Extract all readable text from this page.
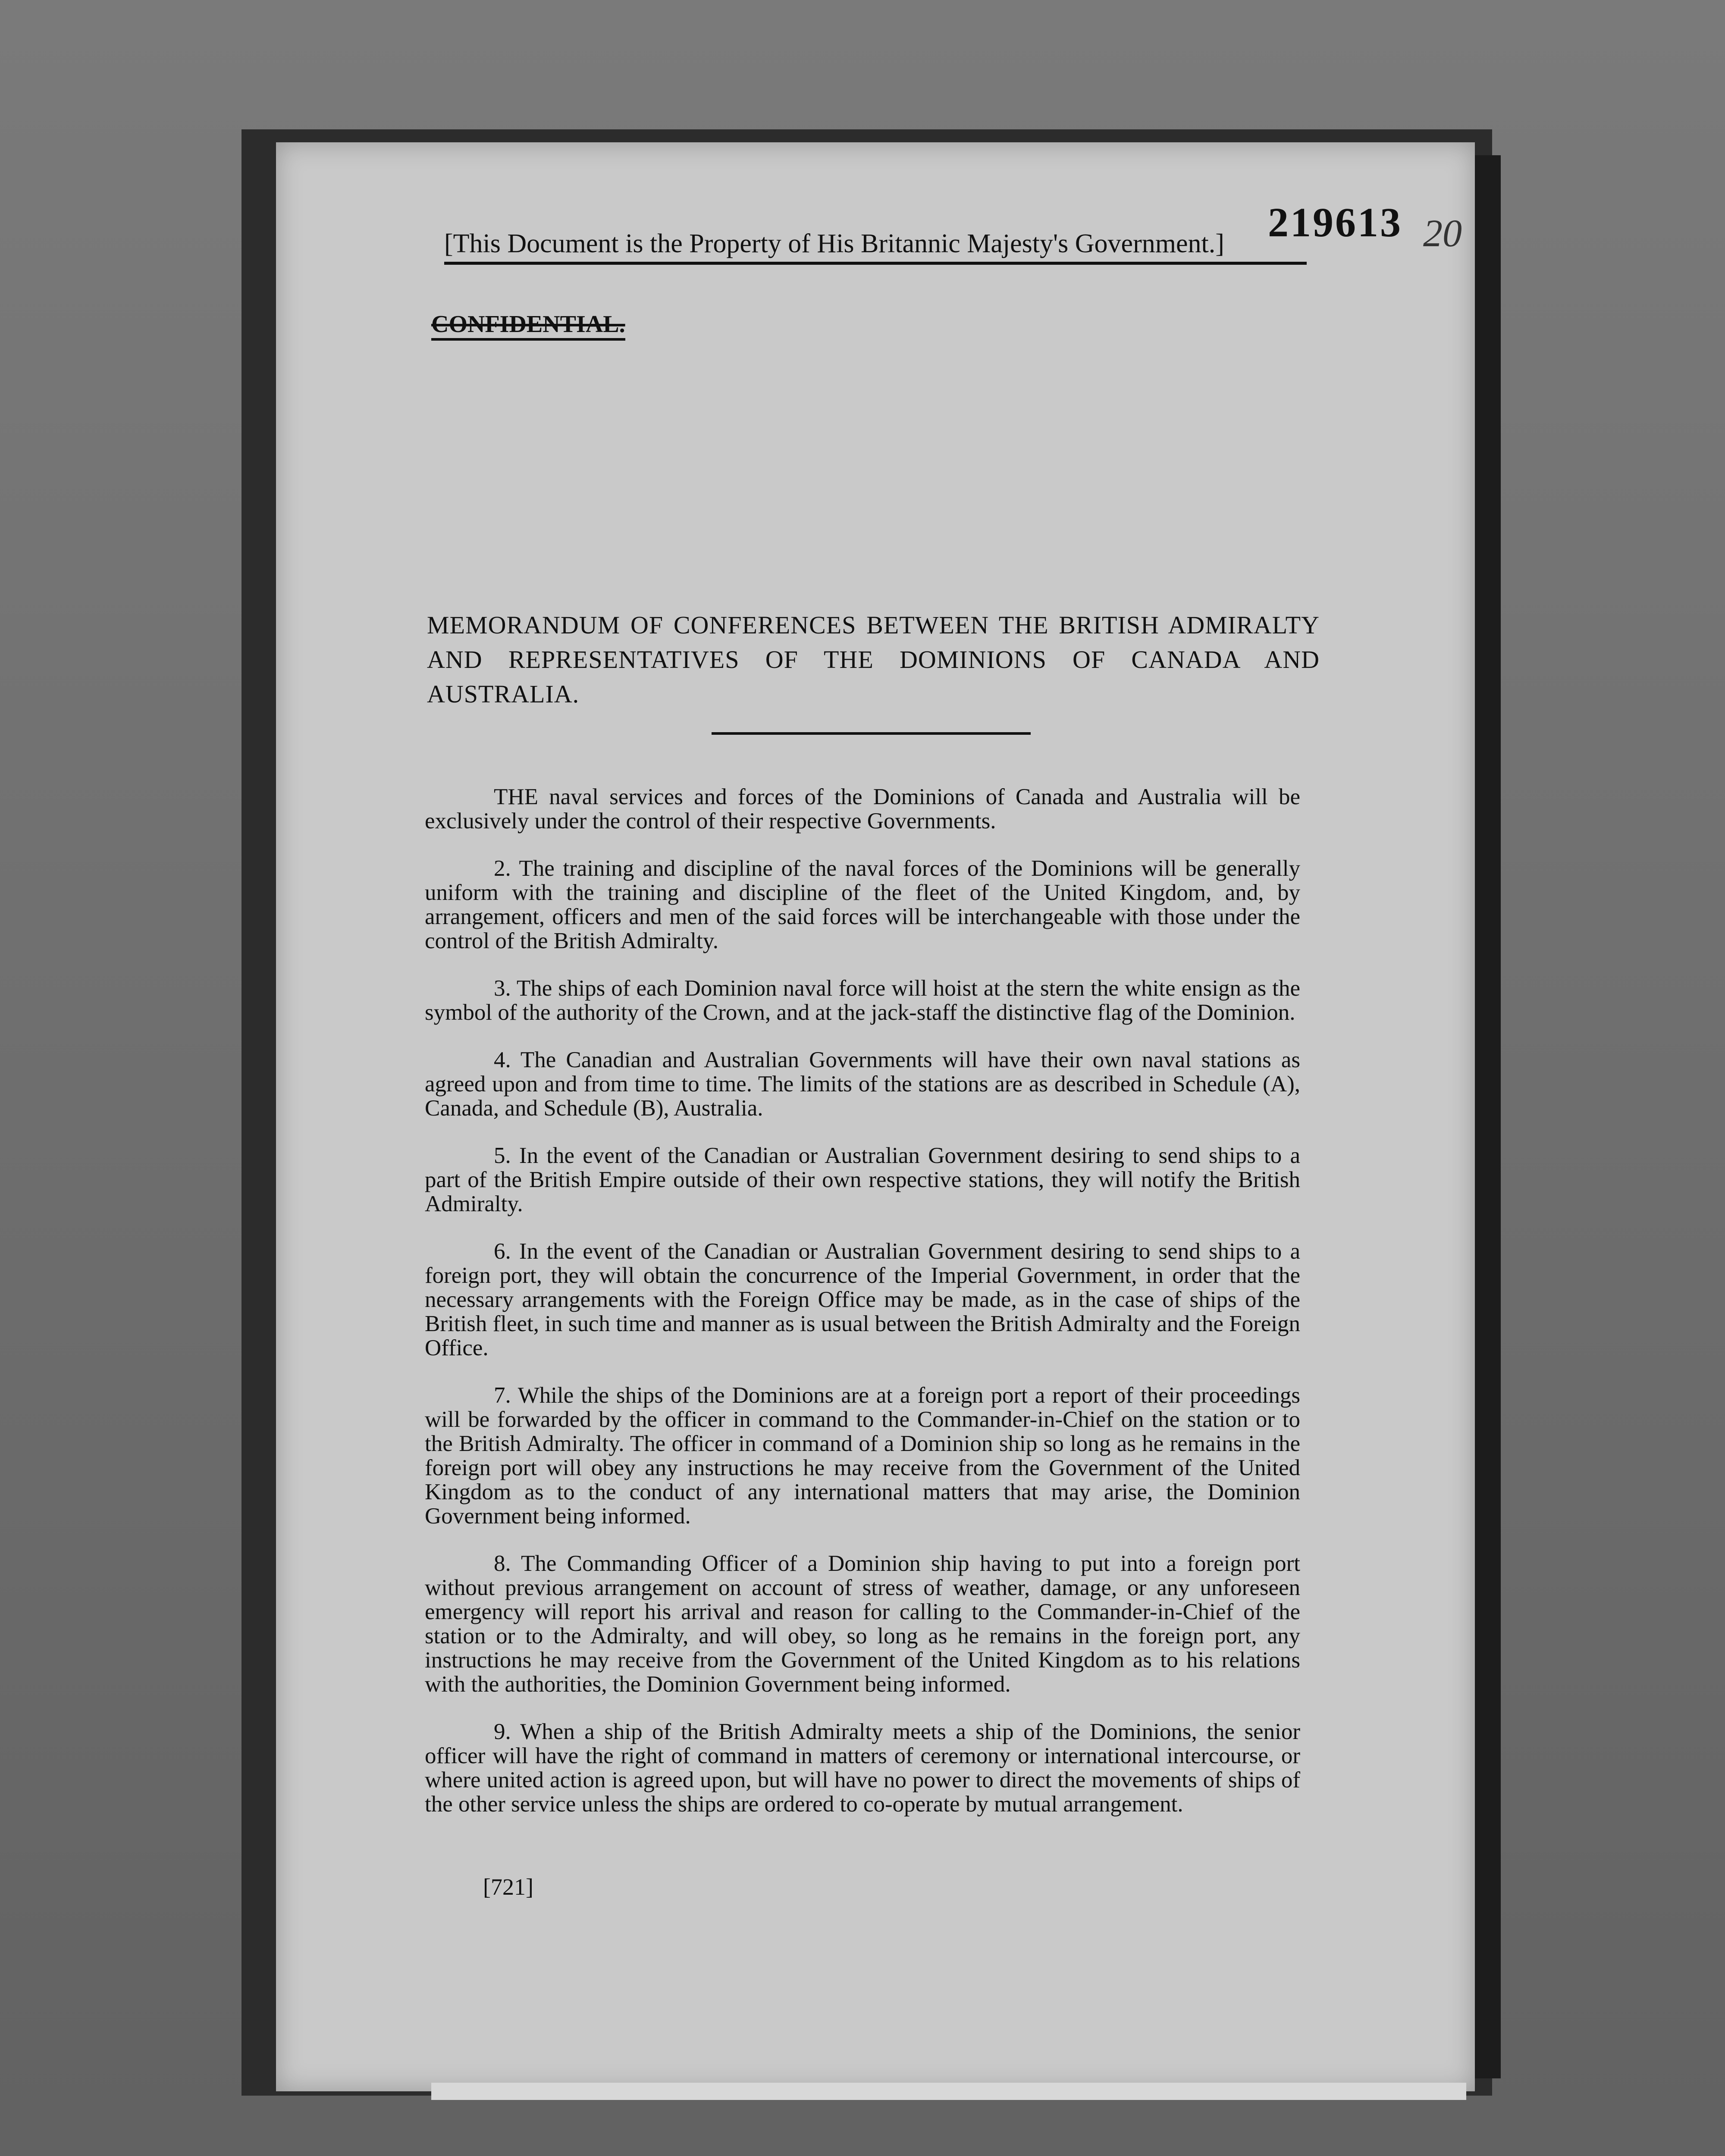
219613 20
[This Document is the Property of His Britannic Majesty's Government.]
CONFIDENTIAL.
MEMORANDUM OF CONFERENCES BETWEEN THE BRITISH ADMIRALTY AND REPRESENTATIVES OF THE DOMINIONS OF CANADA AND AUSTRALIA.

THE naval services and forces of the Dominions of Canada and Australia will be exclusively under the control of their respective Governments.

2. The training and discipline of the naval forces of the Dominions will be generally uniform with the training and discipline of the fleet of the United Kingdom, and, by arrangement, officers and men of the said forces will be interchangeable with those under the control of the British Admiralty.

3. The ships of each Dominion naval force will hoist at the stern the white ensign as the symbol of the authority of the Crown, and at the jack-staff the distinctive flag of the Dominion.

4. The Canadian and Australian Governments will have their own naval stations as agreed upon and from time to time. The limits of the stations are as described in Schedule (A), Canada, and Schedule (B), Australia.

5. In the event of the Canadian or Australian Government desiring to send ships to a part of the British Empire outside of their own respective stations, they will notify the British Admiralty.

6. In the event of the Canadian or Australian Government desiring to send ships to a foreign port, they will obtain the concurrence of the Imperial Government, in order that the necessary arrangements with the Foreign Office may be made, as in the case of ships of the British fleet, in such time and manner as is usual between the British Admiralty and the Foreign Office.

7. While the ships of the Dominions are at a foreign port a report of their proceedings will be forwarded by the officer in command to the Commander-in-Chief on the station or to the British Admiralty. The officer in command of a Dominion ship so long as he remains in the foreign port will obey any instructions he may receive from the Government of the United Kingdom as to the conduct of any international matters that may arise, the Dominion Government being informed.

8. The Commanding Officer of a Dominion ship having to put into a foreign port without previous arrangement on account of stress of weather, damage, or any unforeseen emergency will report his arrival and reason for calling to the Commander-in-Chief of the station or to the Admiralty, and will obey, so long as he remains in the foreign port, any instructions he may receive from the Government of the United Kingdom as to his relations with the authorities, the Dominion Government being informed.

9. When a ship of the British Admiralty meets a ship of the Dominions, the senior officer will have the right of command in matters of ceremony or international intercourse, or where united action is agreed upon, but will have no power to direct the movements of ships of the other service unless the ships are ordered to co-operate by mutual arrangement.

[721]
